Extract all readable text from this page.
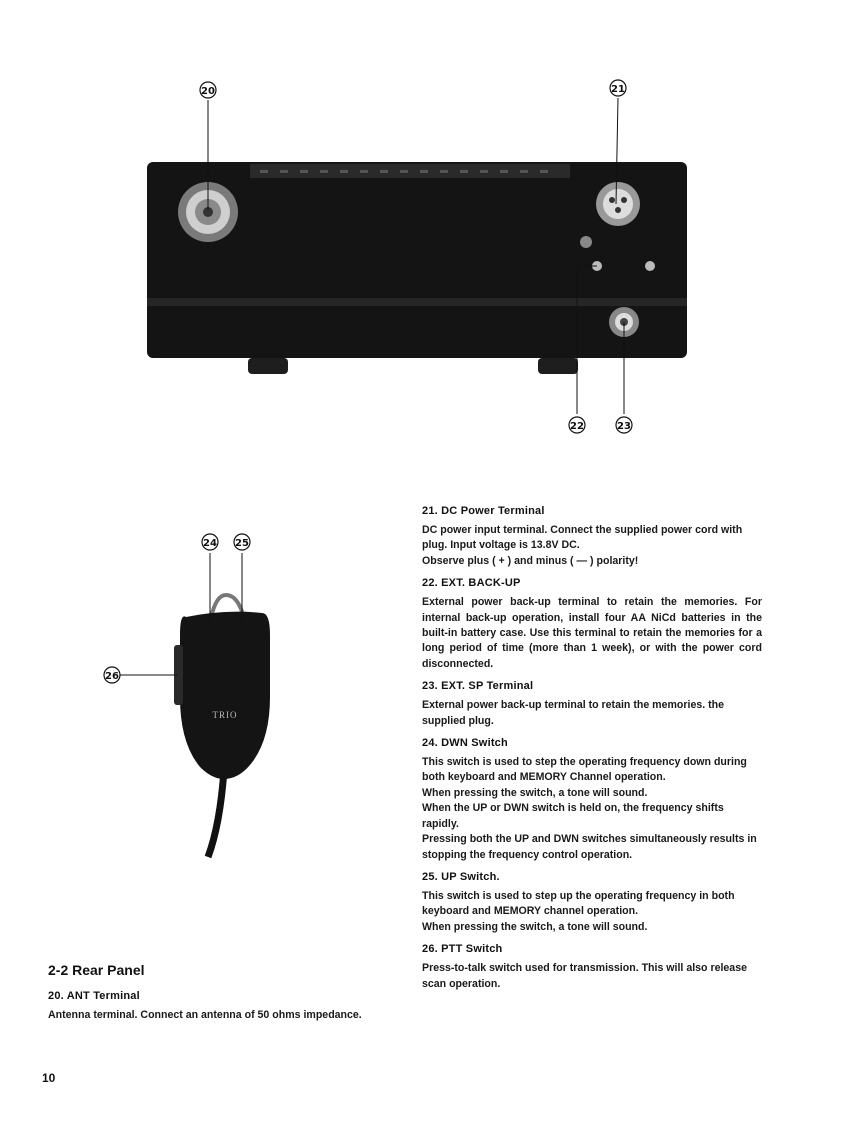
20	21
22	23
TRIO
24 25
26
2-2 Rear Panel
20. ANT Terminal

Antenna terminal. Connect an antenna of 50 ohms impedance.

21. DC Power Terminal

DC power input terminal. Connect the supplied power cord with plug. Input voltage is 13.8V DC.
Observe plus ( + ) and minus ( — ) polarity!

22. EXT. BACK-UP

External power back-up terminal to retain the memories. For internal back-up operation, install four AA NiCd batteries in the built-in battery case. Use this terminal to retain the memories for a long period of time (more than 1 week), or with the power cord disconnected.

23. EXT. SP Terminal

External power back-up terminal to retain the memories. the supplied plug.

24. DWN Switch

This switch is used to step the operating frequency down during both keyboard and MEMORY Channel operation.
When pressing the switch, a tone will sound.
When the UP or DWN switch is held on, the frequency shifts rapidly.
Pressing both the UP and DWN switches simultaneously results in stopping the frequency control operation.

25. UP Switch.

This switch is used to step up the operating frequency in both keyboard and MEMORY channel operation.
When pressing the switch, a tone will sound.

26. PTT Switch

Press-to-talk switch used for transmission. This will also release scan operation.

10
